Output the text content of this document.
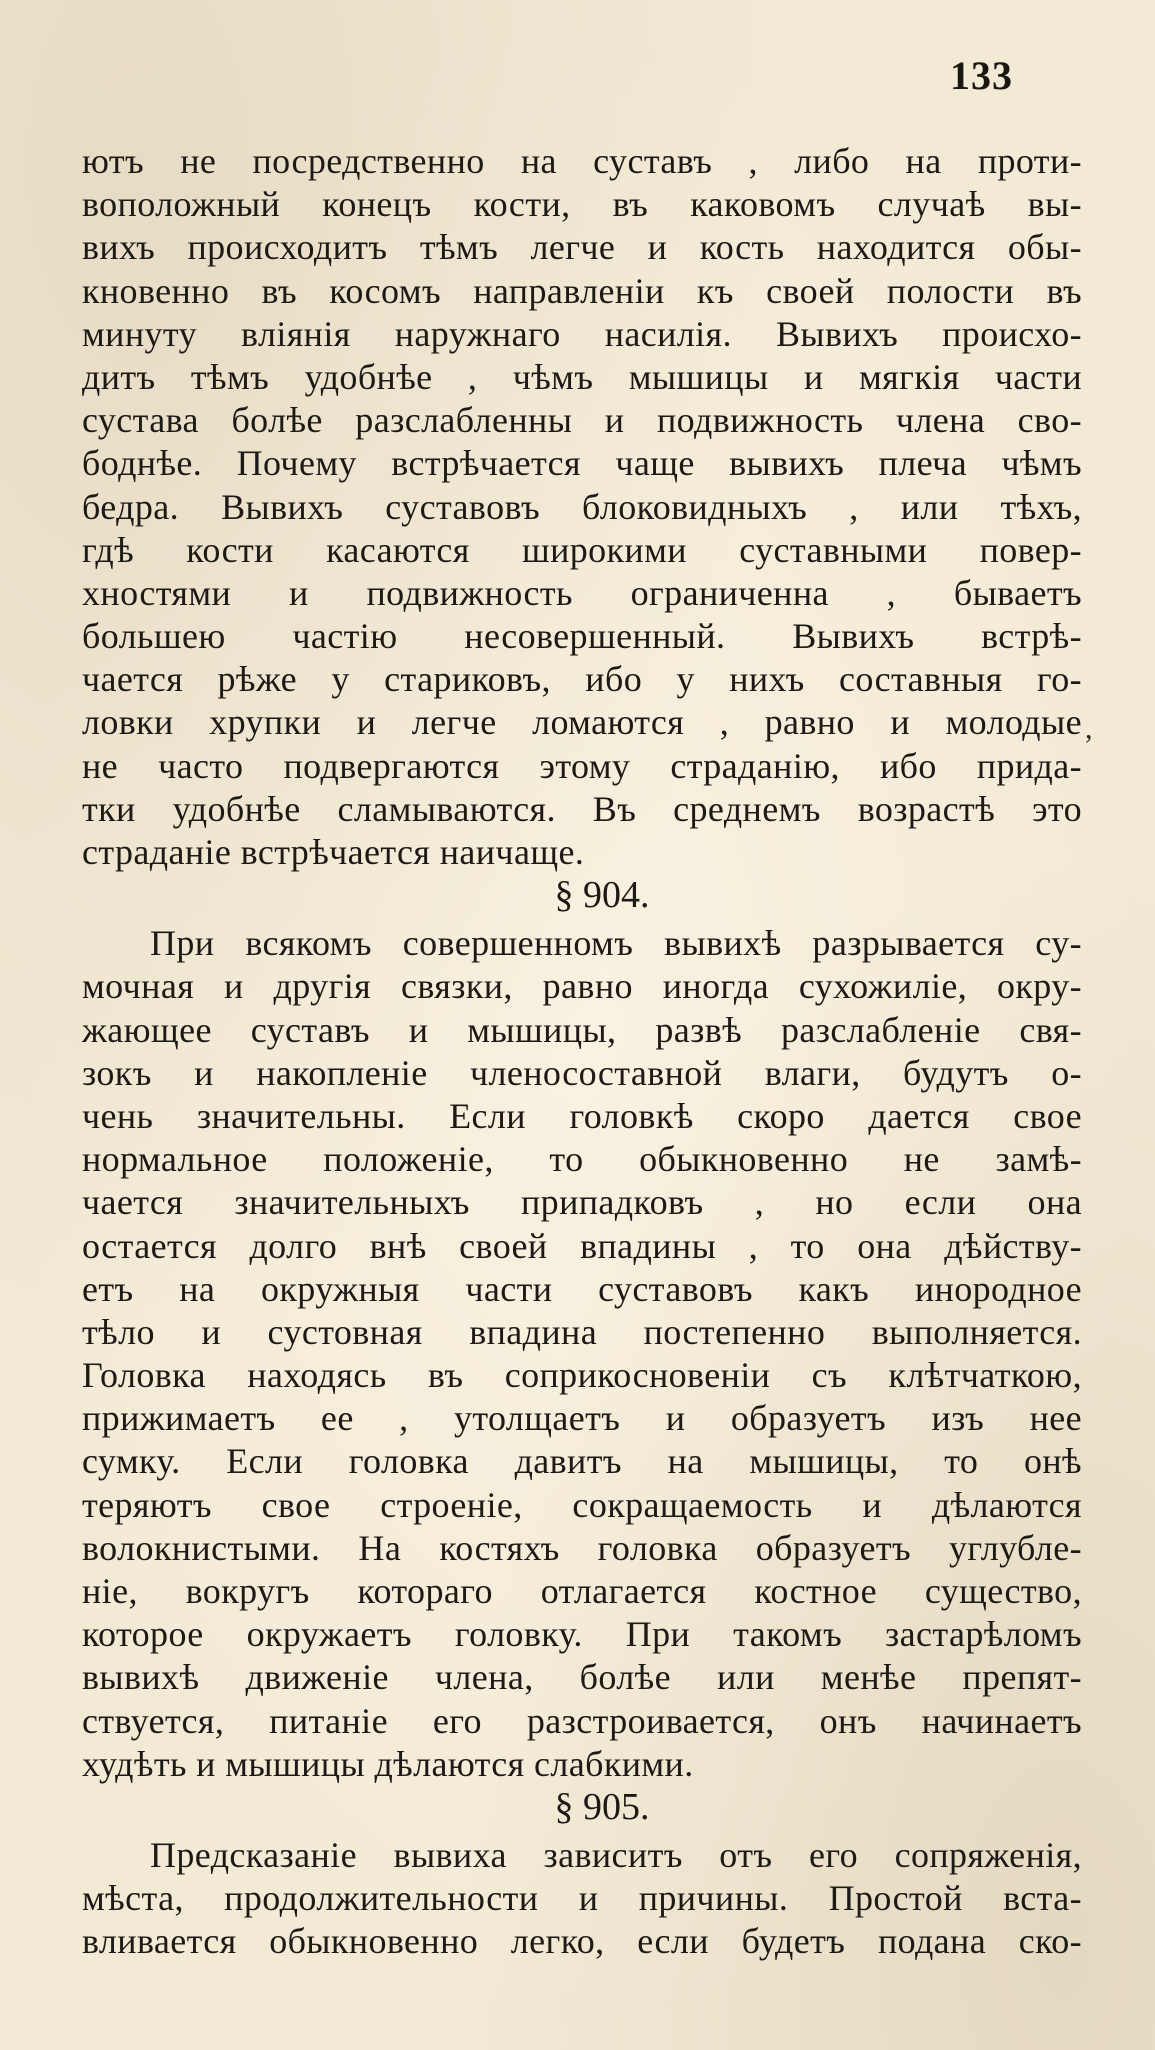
133
ютъ не посредственно на суставъ , либо на проти-
воположный конецъ кости, въ каковомъ случаѣ вы-
вихъ происходитъ тѣмъ легче и кость находится обы-
кновенно въ косомъ направленіи къ своей полости въ
минуту вліянія наружнаго насилія. Вывихъ происхо-
дитъ тѣмъ удобнѣе , чѣмъ мышицы и мягкія части
сустава болѣе разслабленны и подвижность члена сво-
боднѣе. Почему встрѣчается чаще вывихъ плеча чѣмъ
бедра. Вывихъ суставовъ блоковидныхъ , или тѣхъ,
гдѣ кости касаются широкими суставными повер-
хностями и подвижность ограниченна , бываетъ
большею частію несовершенный. Вывихъ встрѣ-
чается рѣже у стариковъ, ибо у нихъ составныя го-
ловки хрупки и легче ломаются , равно и молодые
не часто подвергаются этому страданію, ибо прида-
тки удобнѣе сламываются. Въ среднемъ возрастѣ это
страданіе встрѣчается наичаще.
§ 904.
При всякомъ совершенномъ вывихѣ разрывается су-
мочная и другія связки, равно иногда сухожиліе, окру-
жающее суставъ и мышицы, развѣ разслабленіе свя-
зокъ и накопленіе членосоставной влаги, будутъ о-
чень значительны. Если головкѣ скоро дается свое
нормальное положеніе, то обыкновенно не замѣ-
чается значительныхъ припадковъ , но если она
остается долго внѣ своей впадины , то она дѣйству-
етъ на окружныя части суставовъ какъ инородное
тѣло и сустовная впадина постепенно выполняется.
Головка находясь въ соприкосновеніи съ клѣтчаткою,
прижимаетъ ее , утолщаетъ и образуетъ изъ нее
сумку. Если головка давитъ на мышицы, то онѣ
теряютъ свое строеніе, сокращаемость и дѣлаются
волокнистыми. На костяхъ головка образуетъ углубле-
ніе, вокругъ котораго отлагается костное существо,
которое окружаетъ головку. При такомъ застарѣломъ
вывихѣ движеніе члена, болѣе или менѣе препят-
ствуется, питаніе его разстроивается, онъ начинаетъ
худѣть и мышицы дѣлаются слабкими.
§ 905.
Предсказаніе вывиха зависитъ отъ его сопряженія,
мѣста, продолжительности и причины. Простой вста-
вливается обыкновенно легко, если будетъ подана ско-
,
